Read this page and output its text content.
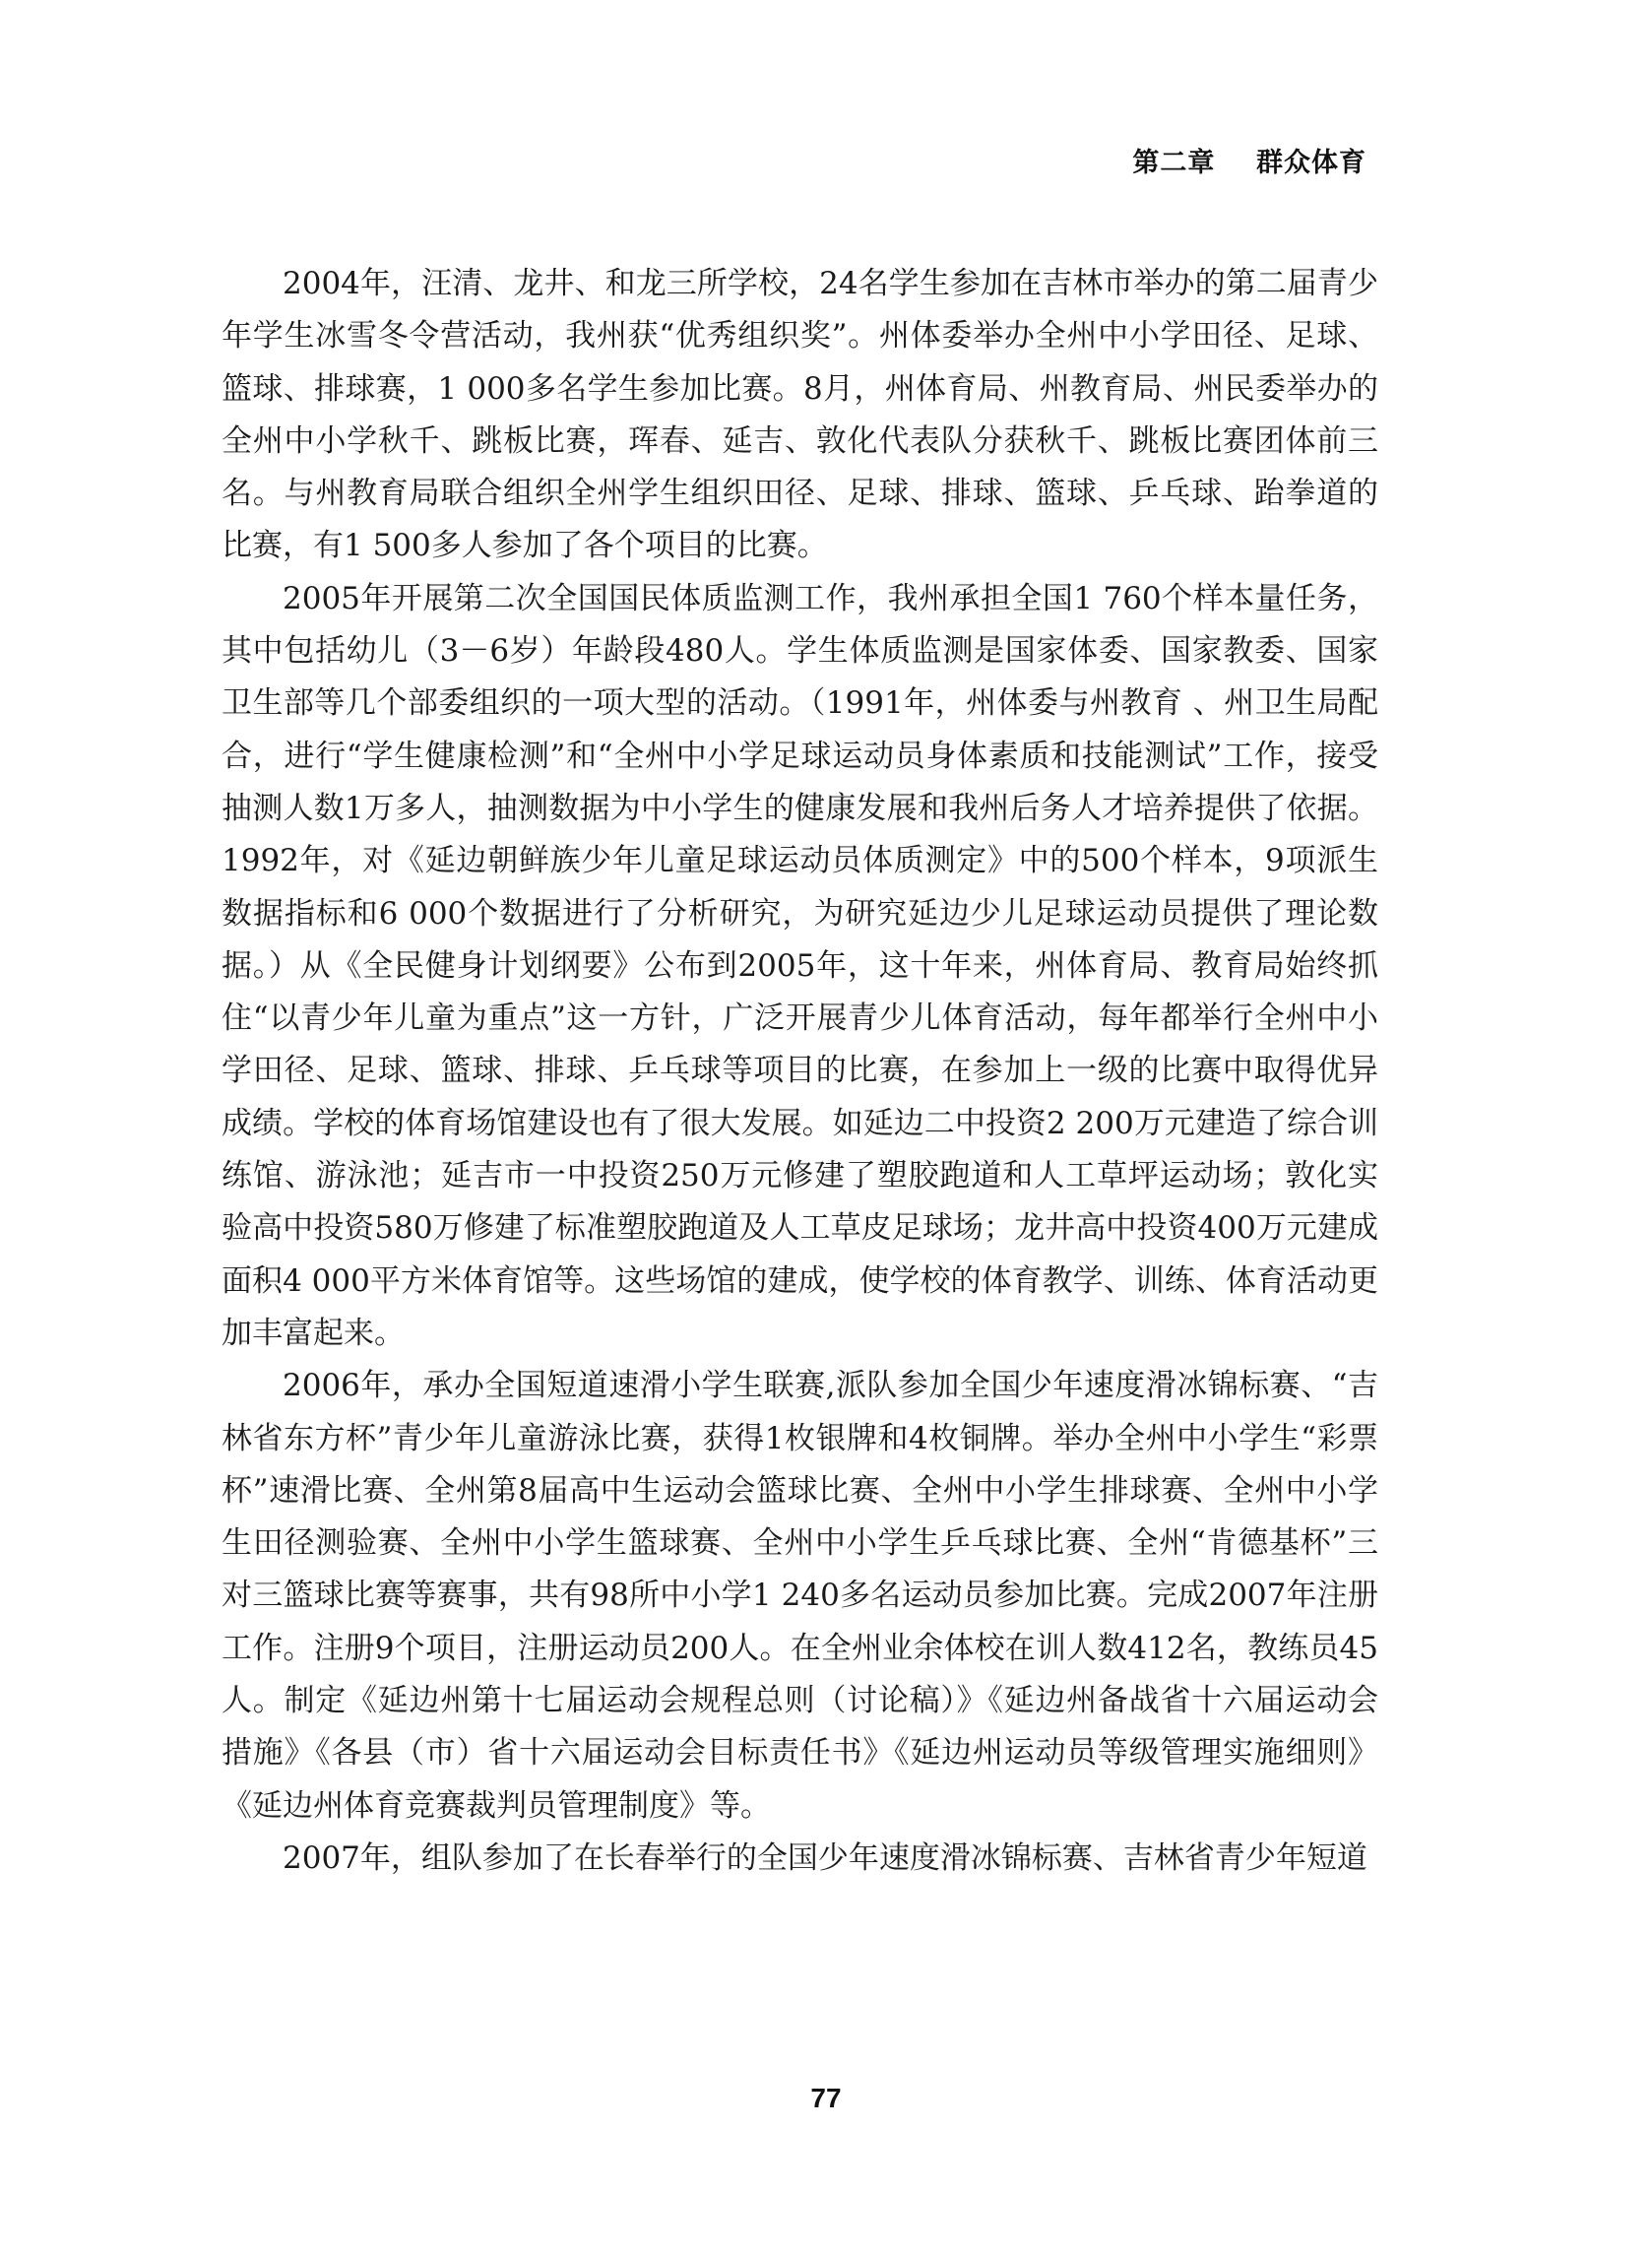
第二章    群众体育

2004年，汪清、龙井、和龙三所学校，24名学生参加在吉林市举办的第二届青少年学生冰雪冬令营活动，我州获“优秀组织奖”。州体委举办全州中小学田径、足球、篮球、排球赛，1 000多名学生参加比赛。8月，州体育局、州教育局、州民委举办的全州中小学秋千、跳板比赛，珲春、延吉、敦化代表队分获秋千、跳板比赛团体前三名。与州教育局联合组织全州学生组织田径、足球、排球、篮球、乒乓球、跆拳道的比赛，有1 500多人参加了各个项目的比赛。

2005年开展第二次全国国民体质监测工作，我州承担全国1 760个样本量任务，其中包括幼儿（3－6岁）年龄段480人。学生体质监测是国家体委、国家教委、国家卫生部等几个部委组织的一项大型的活动。（1991年，州体委与州教育 、州卫生局配合，进行“学生健康检测”和“全州中小学足球运动员身体素质和技能测试”工作，接受抽测人数1万多人，抽测数据为中小学生的健康发展和我州后务人才培养提供了依据。1992年，对《延边朝鲜族少年儿童足球运动员体质测定》中的500个样本，9项派生数据指标和6 000个数据进行了分析研究，为研究延边少儿足球运动员提供了理论数据。）从《全民健身计划纲要》公布到2005年，这十年来，州体育局、教育局始终抓住“以青少年儿童为重点”这一方针，广泛开展青少儿体育活动，每年都举行全州中小学田径、足球、篮球、排球、乒乓球等项目的比赛，在参加上一级的比赛中取得优异成绩。学校的体育场馆建设也有了很大发展。如延边二中投资2 200万元建造了综合训练馆、游泳池；延吉市一中投资250万元修建了塑胶跑道和人工草坪运动场；敦化实验高中投资580万修建了标准塑胶跑道及人工草皮足球场；龙井高中投资400万元建成面积4 000平方米体育馆等。这些场馆的建成，使学校的体育教学、训练、体育活动更加丰富起来。

2006年，承办全国短道速滑小学生联赛,派队参加全国少年速度滑冰锦标赛、“吉林省东方杯”青少年儿童游泳比赛，获得1枚银牌和4枚铜牌。举办全州中小学生“彩票杯”速滑比赛、全州第8届高中生运动会篮球比赛、全州中小学生排球赛、全州中小学生田径测验赛、全州中小学生篮球赛、全州中小学生乒乓球比赛、全州“肯德基杯”三对三篮球比赛等赛事，共有98所中小学1 240多名运动员参加比赛。完成2007年注册工作。注册9个项目，注册运动员200人。在全州业余体校在训人数412名，教练员45人。制定《延边州第十七届运动会规程总则（讨论稿）》《延边州备战省十六届运动会措施》《各县（市）省十六届运动会目标责任书》《延边州运动员等级管理实施细则》《延边州体育竞赛裁判员管理制度》等。

2007年，组队参加了在长春举行的全国少年速度滑冰锦标赛、吉林省青少年短道

77
